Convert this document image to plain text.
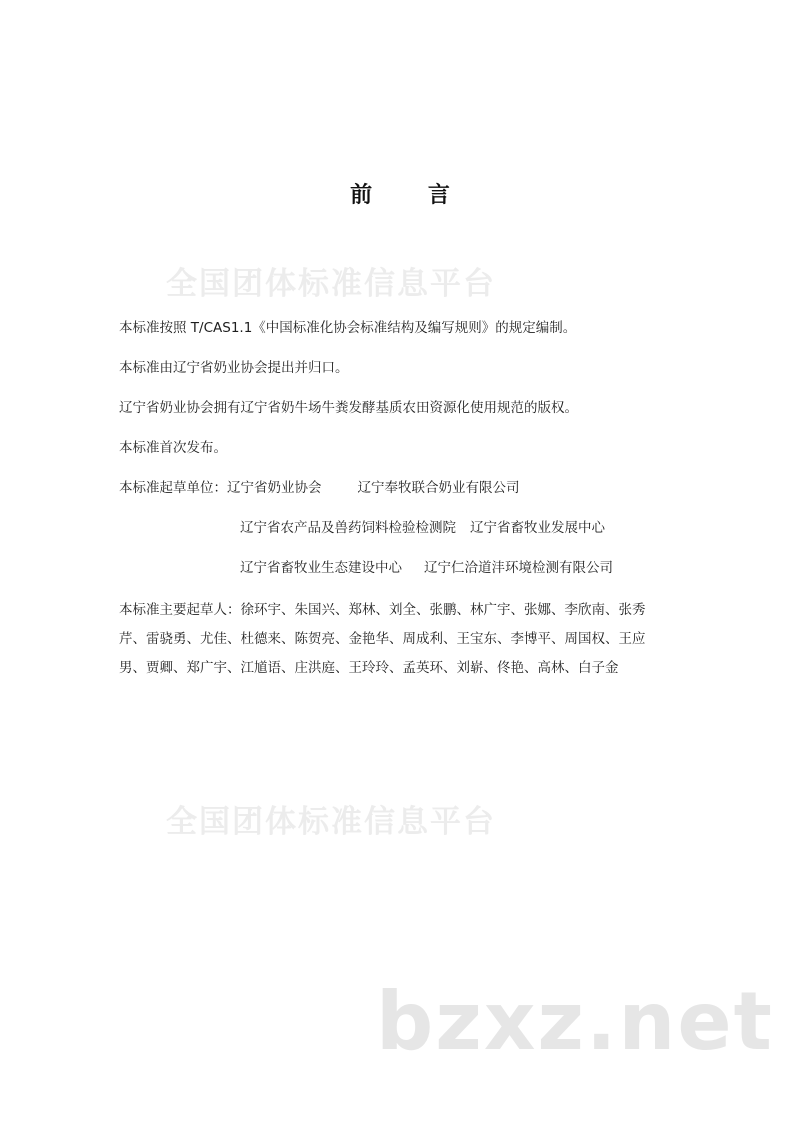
全国团体标准信息平台
全国团体标准信息平台
bzxz.net
前 言
本标准按照 T/CAS1.1《中国标准化协会标准结构及编写规则》的规定编制。
本标准由辽宁省奶业协会提出并归口。
辽宁省奶业协会拥有辽宁省奶牛场牛粪发酵基质农田资源化使用规范的版权。
本标准首次发布。
本标准起草单位：辽宁省奶业协会	辽宁奉牧联合奶业有限公司
辽宁省农产品及兽药饲料检验检测院 辽宁省畜牧业发展中心
辽宁省畜牧业生态建设中心 辽宁仁洽道沣环境检测有限公司
本标准主要起草人：徐环宇、朱国兴、郑林、刘全、张鹏、林广宇、张娜、李欣南、张秀芹、雷骁勇、尤佳、杜德来、陈贺亮、金艳华、周成利、王宝东、李博平、周国权、王应男、贾卿、郑广宇、江馗语、庄洪庭、王玲玲、孟英环、刘崭、佟艳、高林、白子金
